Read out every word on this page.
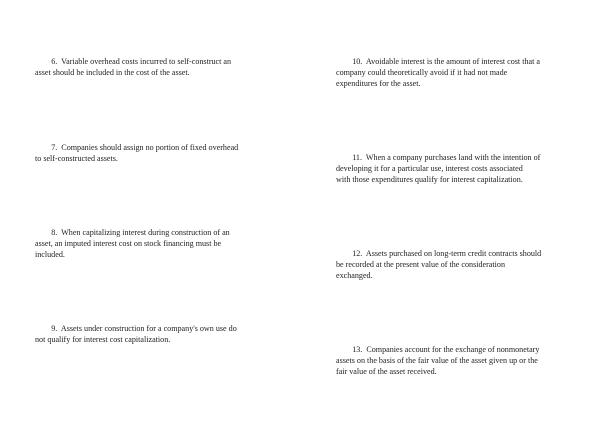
6.  Variable overhead costs incurred to self-construct an
asset should be included in the cost of the asset.

7.  Companies should assign no portion of fixed overhead
to self-constructed assets.

8.  When capitalizing interest during construction of an
asset, an imputed interest cost on stock financing must be
included.

9.  Assets under construction for a company's own use do
not qualify for interest cost capitalization.

10.  Avoidable interest is the amount of interest cost that a
company could theoretically avoid if it had not made
expenditures for the asset.

11.  When a company purchases land with the intention of
developing it for a particular use, interest costs associated
with those expenditures qualify for interest capitalization.

12.  Assets purchased on long-term credit contracts should
be recorded at the present value of the consideration
exchanged.

13.  Companies account for the exchange of nonmonetary
assets on the basis of the fair value of the asset given up or the
fair value of the asset received.
